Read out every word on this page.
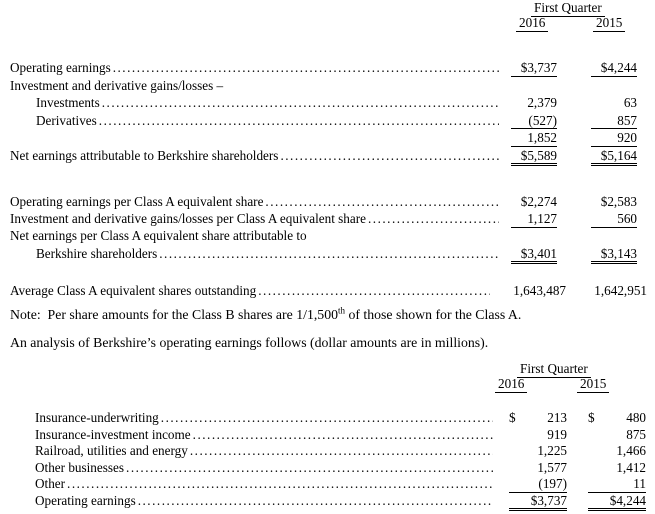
First Quarter
2016	2015
Operating earnings .....	$3,737	$4,244
Investment and derivative gains/losses –
Investments .....	2,379	63
Derivatives .....	(527)	857
1,852	920
Net earnings attributable to Berkshire shareholders .....	$5,589	$5,164
Operating earnings per Class A equivalent share .....	$2,274	$2,583
Investment and derivative gains/losses per Class A equivalent share .....	1,127	560
Net earnings per Class A equivalent share attributable to
Berkshire shareholders .....	$3,401	$3,143
Average Class A equivalent shares outstanding .....	1,643,487	1,642,951

Note:  Per share amounts for the Class B shares are 1/1,500th of those shown for the Class A.

An analysis of Berkshire’s operating earnings follows (dollar amounts are in millions).

First Quarter
2016	2015
Insurance-underwriting .....	$ 213 $ 480
Insurance-investment income .....	919	875
Railroad, utilities and energy .....	1,225	1,466
Other businesses .....	1,577	1,412
Other .....	(197)	11
Operating earnings .....	$3,737	$4,244
